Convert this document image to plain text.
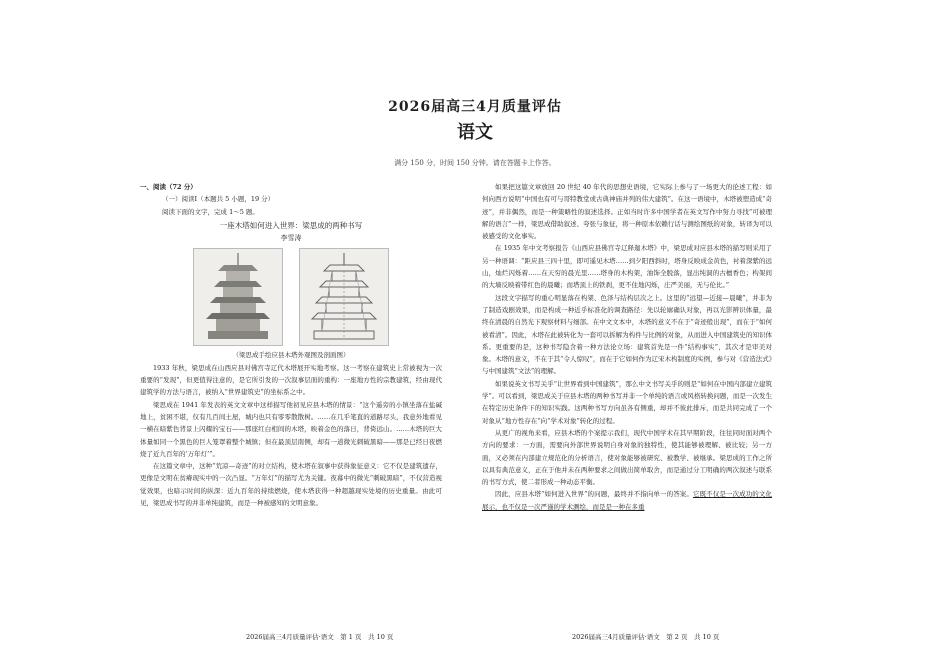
2026届高三4月质量评估
语文
满分 150 分，时间 150 分钟。请在答题卡上作答。
一、阅读（72 分）
（一）阅读Ⅰ（本题共 5 小题，19 分）
阅读下面的文字，完成 1～5 题。
一座木塔如何进入世界：梁思成的两种书写
李雪涛
（梁思成手绘应县木塔外观图及剖面图）
1933 年秋，梁思成在山西应县对佛宫寺辽代木塔展开实地考察。这一考察在建筑史上常被视为一次重要的“发现”，但更值得注意的，是它所引发的一次叙事层面的重构：一座地方性的宗教建筑，经由现代建筑学的方法与语言，被纳入“世界建筑史”的坐标系之中。
梁思成在 1941 年发表的英文文章中这样描写他初见应县木塔的情景：“这个遥旁的小镇坐落在盐碱地上，贫困不堪，仅有几百间土屋，城内也只有零零散散树。……在几乎笔直的道路尽头，我意外地看见一横在暗紫色背景上闪耀的宝石——那座红白相间的木塔，映着金色的落日，背倚远山。……木塔的巨大体量如同一个黑色的巨人笼罩着整个城镇；但在最顶层南侧，却有一道微光刺破黑暗——那是已经日夜燃烧了近九百年的‘万年灯’”。
在这篇文章中，这种“荒凉—奇迹”的对立结构，使木塔在叙事中获得象征意义：它不仅是建筑遗存，更像是文明在贫瘠现实中的一次凸显。“万年灯”的描写尤为关键。夜幕中的微光“刺破黑暗”，不仅营造视觉效果，也暗示时间的纵深：近九百年的持续燃烧，使木塔获得一种超越现实处境的历史重量。由此可见，梁思成书写的并非单纯建筑，而是一种被感知的文明意象。
如果把这篇文章放回 20 世纪 40 年代的思想史语境，它实际上参与了一场更大的论述工程：如何向西方说明“中国也有可与哥特教堂或古典神庙并列的伟大建筑”。在这一语境中，木塔被塑造成“奇迹”，并非偶然，而是一种策略性的叙述选择。正如当时许多中国学者在英文写作中努力寻找“可被理解的语言”一样，梁思成借助叙述、夸张与象征，将一种原本依赖行话与测绘图纸的对象，转译为可以被感受的文化事实。
在 1935 年中文考察报告《山西应县佛宫寺辽释迦木塔》中，梁思成对应县木塔的描写则采用了另一种语调：“距应县三四十里，即可遥见木塔……到夕阳西斜时，塔身反映成金黄色，衬着深紫的远山，灿烂闪烁着……在天穷的晨光里……塔身的木构架，油饰全脱落，显出纯洞的古檀香色；构架间的大墙反映着带红色的晨曦；而塔顶上的铁刹，更不住地闪烁，庄严美丽，无与伦比。”
这段文字描写的重心明显落在构架、色泽与结构层次之上。这里的“远望—近接—晨曦”，并非为了制造戏剧效果，而是构成一种近乎标准化的调查路径：先以轮廓确认对象，再以光影辨识体量，最终在清晨的自然光下观察材料与细部。在中文文本中，木塔的意义不在于“奇迹般出现”，而在于“如何被看清”。因此，木塔在此被转化为一套可以拆解为构件与比例的对象，从而进入中国建筑史的知识体系。更重要的是，这种书写隐含着一种方法论立场：建筑首先是一件“结构事实”，其次才是审美对象。木塔的意义，不在于其“令人惊叹”，而在于它如何作为辽宋木构制度的实例，参与对《营造法式》与中国建筑“文法”的理解。
如果说英文书写关乎“让世界看到中国建筑”，那么中文书写关乎的则是“如何在中国内部建立建筑学”。可以看到，梁思成关于应县木塔的两种书写并非一个单纯的语言或风格转换问题，而是一次发生在特定历史条件下的知识实践。这两种书写方向虽各有侧重，却并不彼此排斥，而是共同完成了一个对象从“地方性存在”向“学术对象”转化的过程。
从更广的视角来看，应县木塔的个案提示我们，现代中国学术在其早期阶段，往往同时面对两个方向的要求：一方面，需要向外部世界说明自身对象的独特性，使其能够被理解、被比较；另一方面，又必须在内部建立规范化的分析语言，使对象能够被研究、被教学、被继承。梁思成的工作之所以具有典范意义，正在于他并未在两种要求之间做出简单取舍，而是通过分工明确的两次叙述与联系的书写方式，使二者形成一种动态平衡。
因此，应县木塔“如何进入世界”的问题，最终并不指向单一的答案。它既不仅是一次成功的文化展示，也不仅是一次严谨的学术测绘，而是是一种在多重
2026届高三4月质量评估·语文　第 1 页　共 10 页	2026届高三4月质量评估·语文　第 2 页　共 10 页
